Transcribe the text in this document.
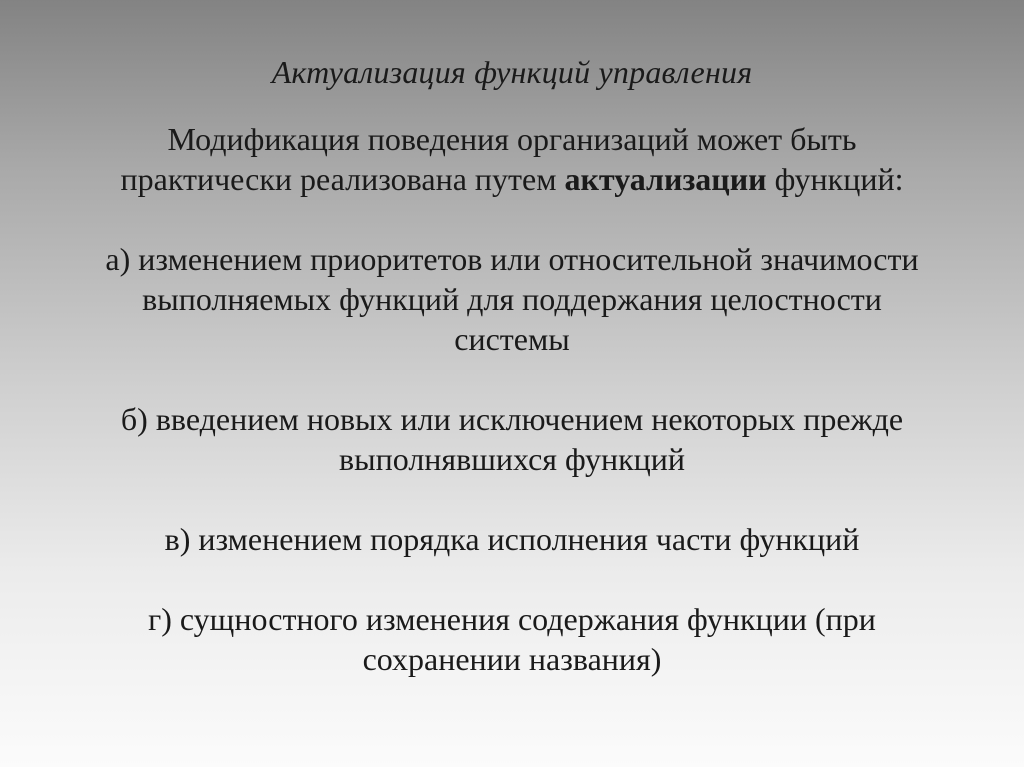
Актуализация функций управления

Модификация поведения организаций может быть

практически реализована путем актуализации функций:

а) изменением приоритетов или относительной значимости

выполняемых функций для поддержания целостности

системы

б) введением новых или исключением некоторых прежде

выполнявшихся функций

в) изменением порядка исполнения части функций

г) сущностного изменения содержания функции (при

сохранении названия)
